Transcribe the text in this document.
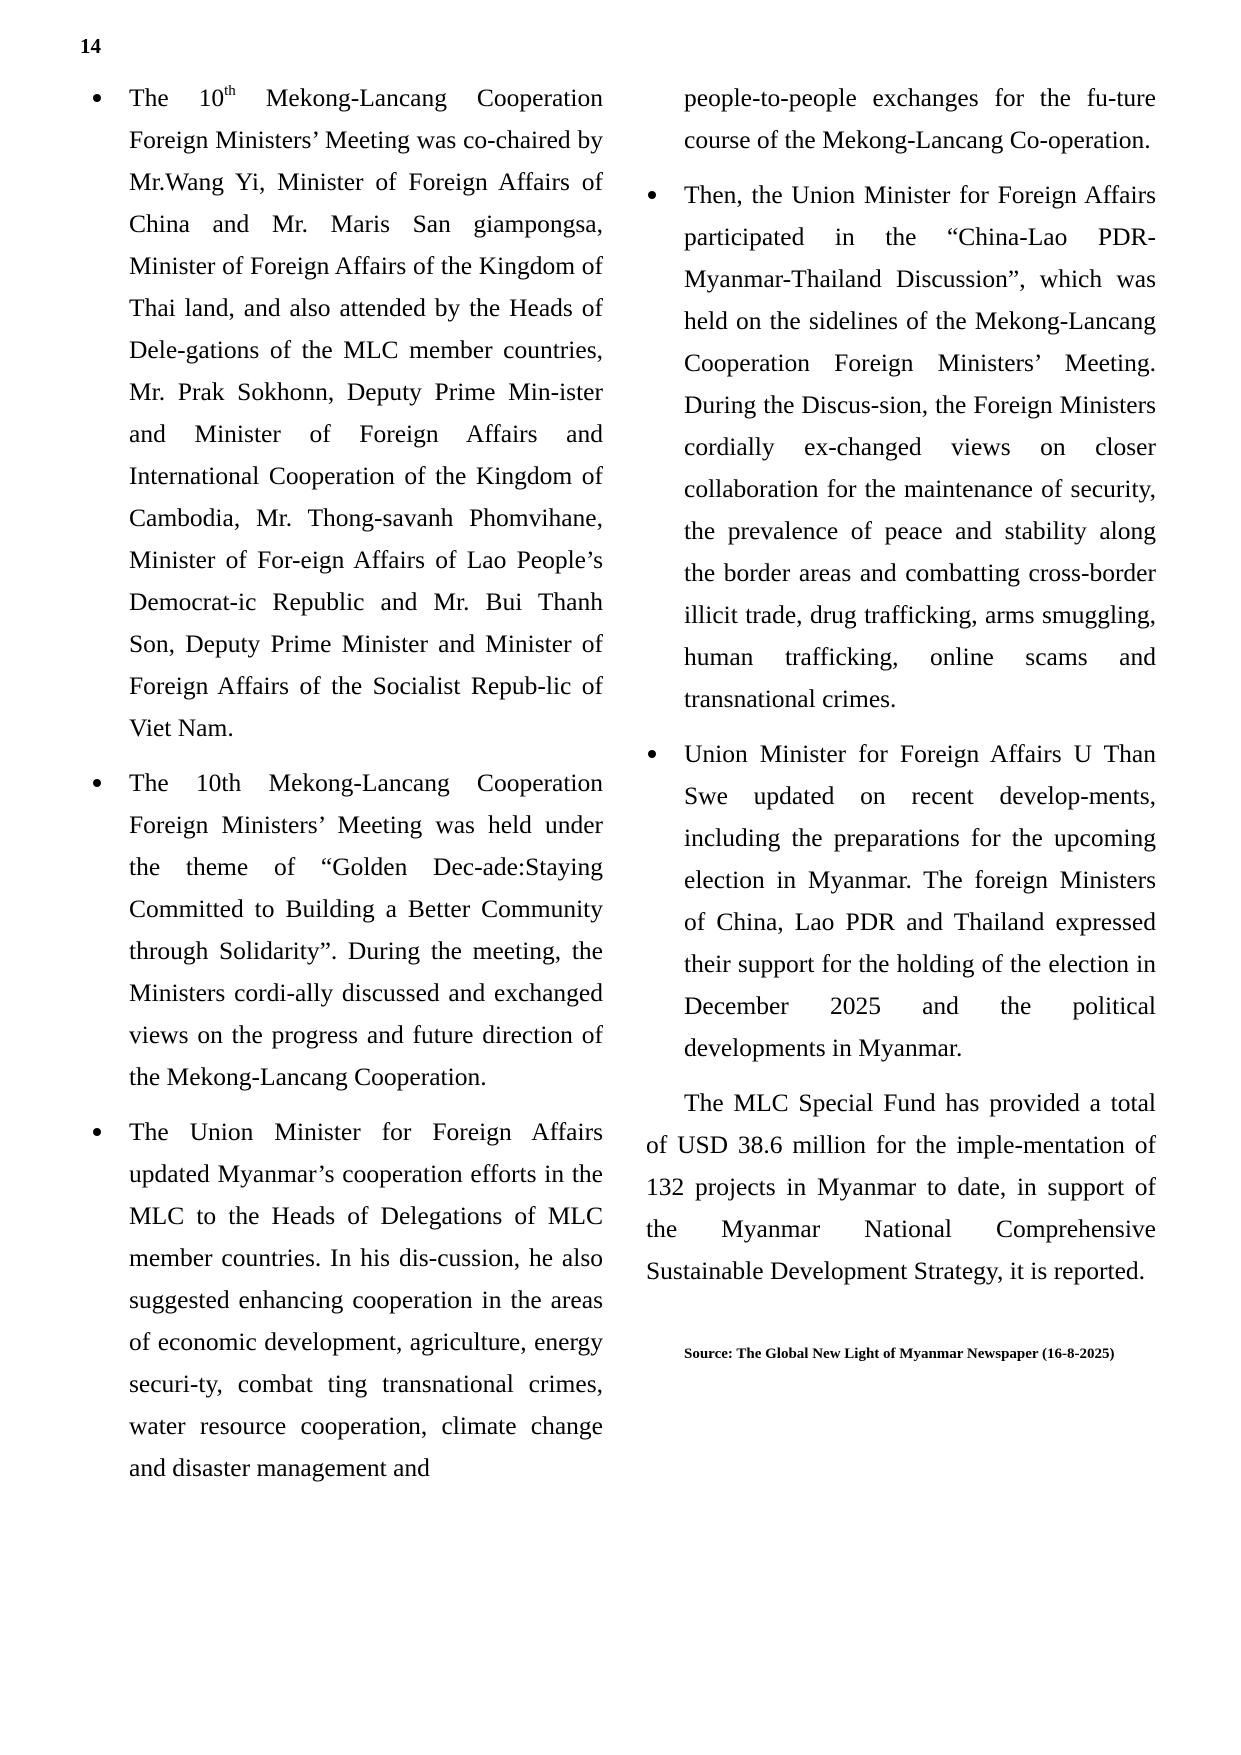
14

The 10th Mekong-Lancang Cooperation Foreign Ministers’ Meeting was co-chaired by Mr.Wang Yi, Minister of Foreign Affairs of China and Mr. Maris San giampongsa, Minister of Foreign Affairs of the Kingdom of Thai land, and also attended by the Heads of Dele-gations of the MLC member countries, Mr. Prak Sokhonn, Deputy Prime Min-ister and Minister of Foreign Affairs and International Cooperation of the Kingdom of Cambodia, Mr. Thong-savanh Phomvihane, Minister of For-eign Affairs of Lao People’s Democrat-ic Republic and Mr. Bui Thanh Son, Deputy Prime Minister and Minister of Foreign Affairs of the Socialist Repub-lic of Viet Nam.

The 10th Mekong-Lancang Cooperation Foreign Ministers’ Meeting was held under the theme of “Golden Dec-ade:Staying Committed to Building a Better Community through Solidarity”. During the meeting, the Ministers cordi-ally discussed and exchanged views on the progress and future direction of the Mekong-Lancang Cooperation.

The Union Minister for Foreign Affairs updated Myanmar’s cooperation efforts in the MLC to the Heads of Delegations of MLC member countries. In his dis-cussion, he also suggested enhancing cooperation in the areas of economic development, agriculture, energy securi-ty, combat ting transnational crimes, water resource cooperation, climate change and disaster management and

people-to-people exchanges for the fu-ture course of the Mekong-Lancang Co-operation.

Then, the Union Minister for Foreign Affairs participated in the “China-Lao PDR-Myanmar-Thailand Discussion”, which was held on the sidelines of the Mekong-Lancang Cooperation Foreign Ministers’ Meeting. During the Discus-sion, the Foreign Ministers cordially ex-changed views on closer collaboration for the maintenance of security, the prevalence of peace and stability along the border areas and combatting cross-border illicit trade, drug trafficking, arms smuggling, human trafficking, online scams and transnational crimes.

Union Minister for Foreign Affairs U Than Swe updated on recent develop-ments, including the preparations for the upcoming election in Myanmar. The foreign Ministers of China, Lao PDR and Thailand expressed their support for the holding of the election in December 2025 and the political developments in Myanmar.

The MLC Special Fund has provided a total of USD 38.6 million for the imple-mentation of 132 projects in Myanmar to date, in support of the Myanmar National Comprehensive Sustainable Development Strategy, it is reported.

Source: The Global New Light of Myanmar Newspaper (16-8-2025)
